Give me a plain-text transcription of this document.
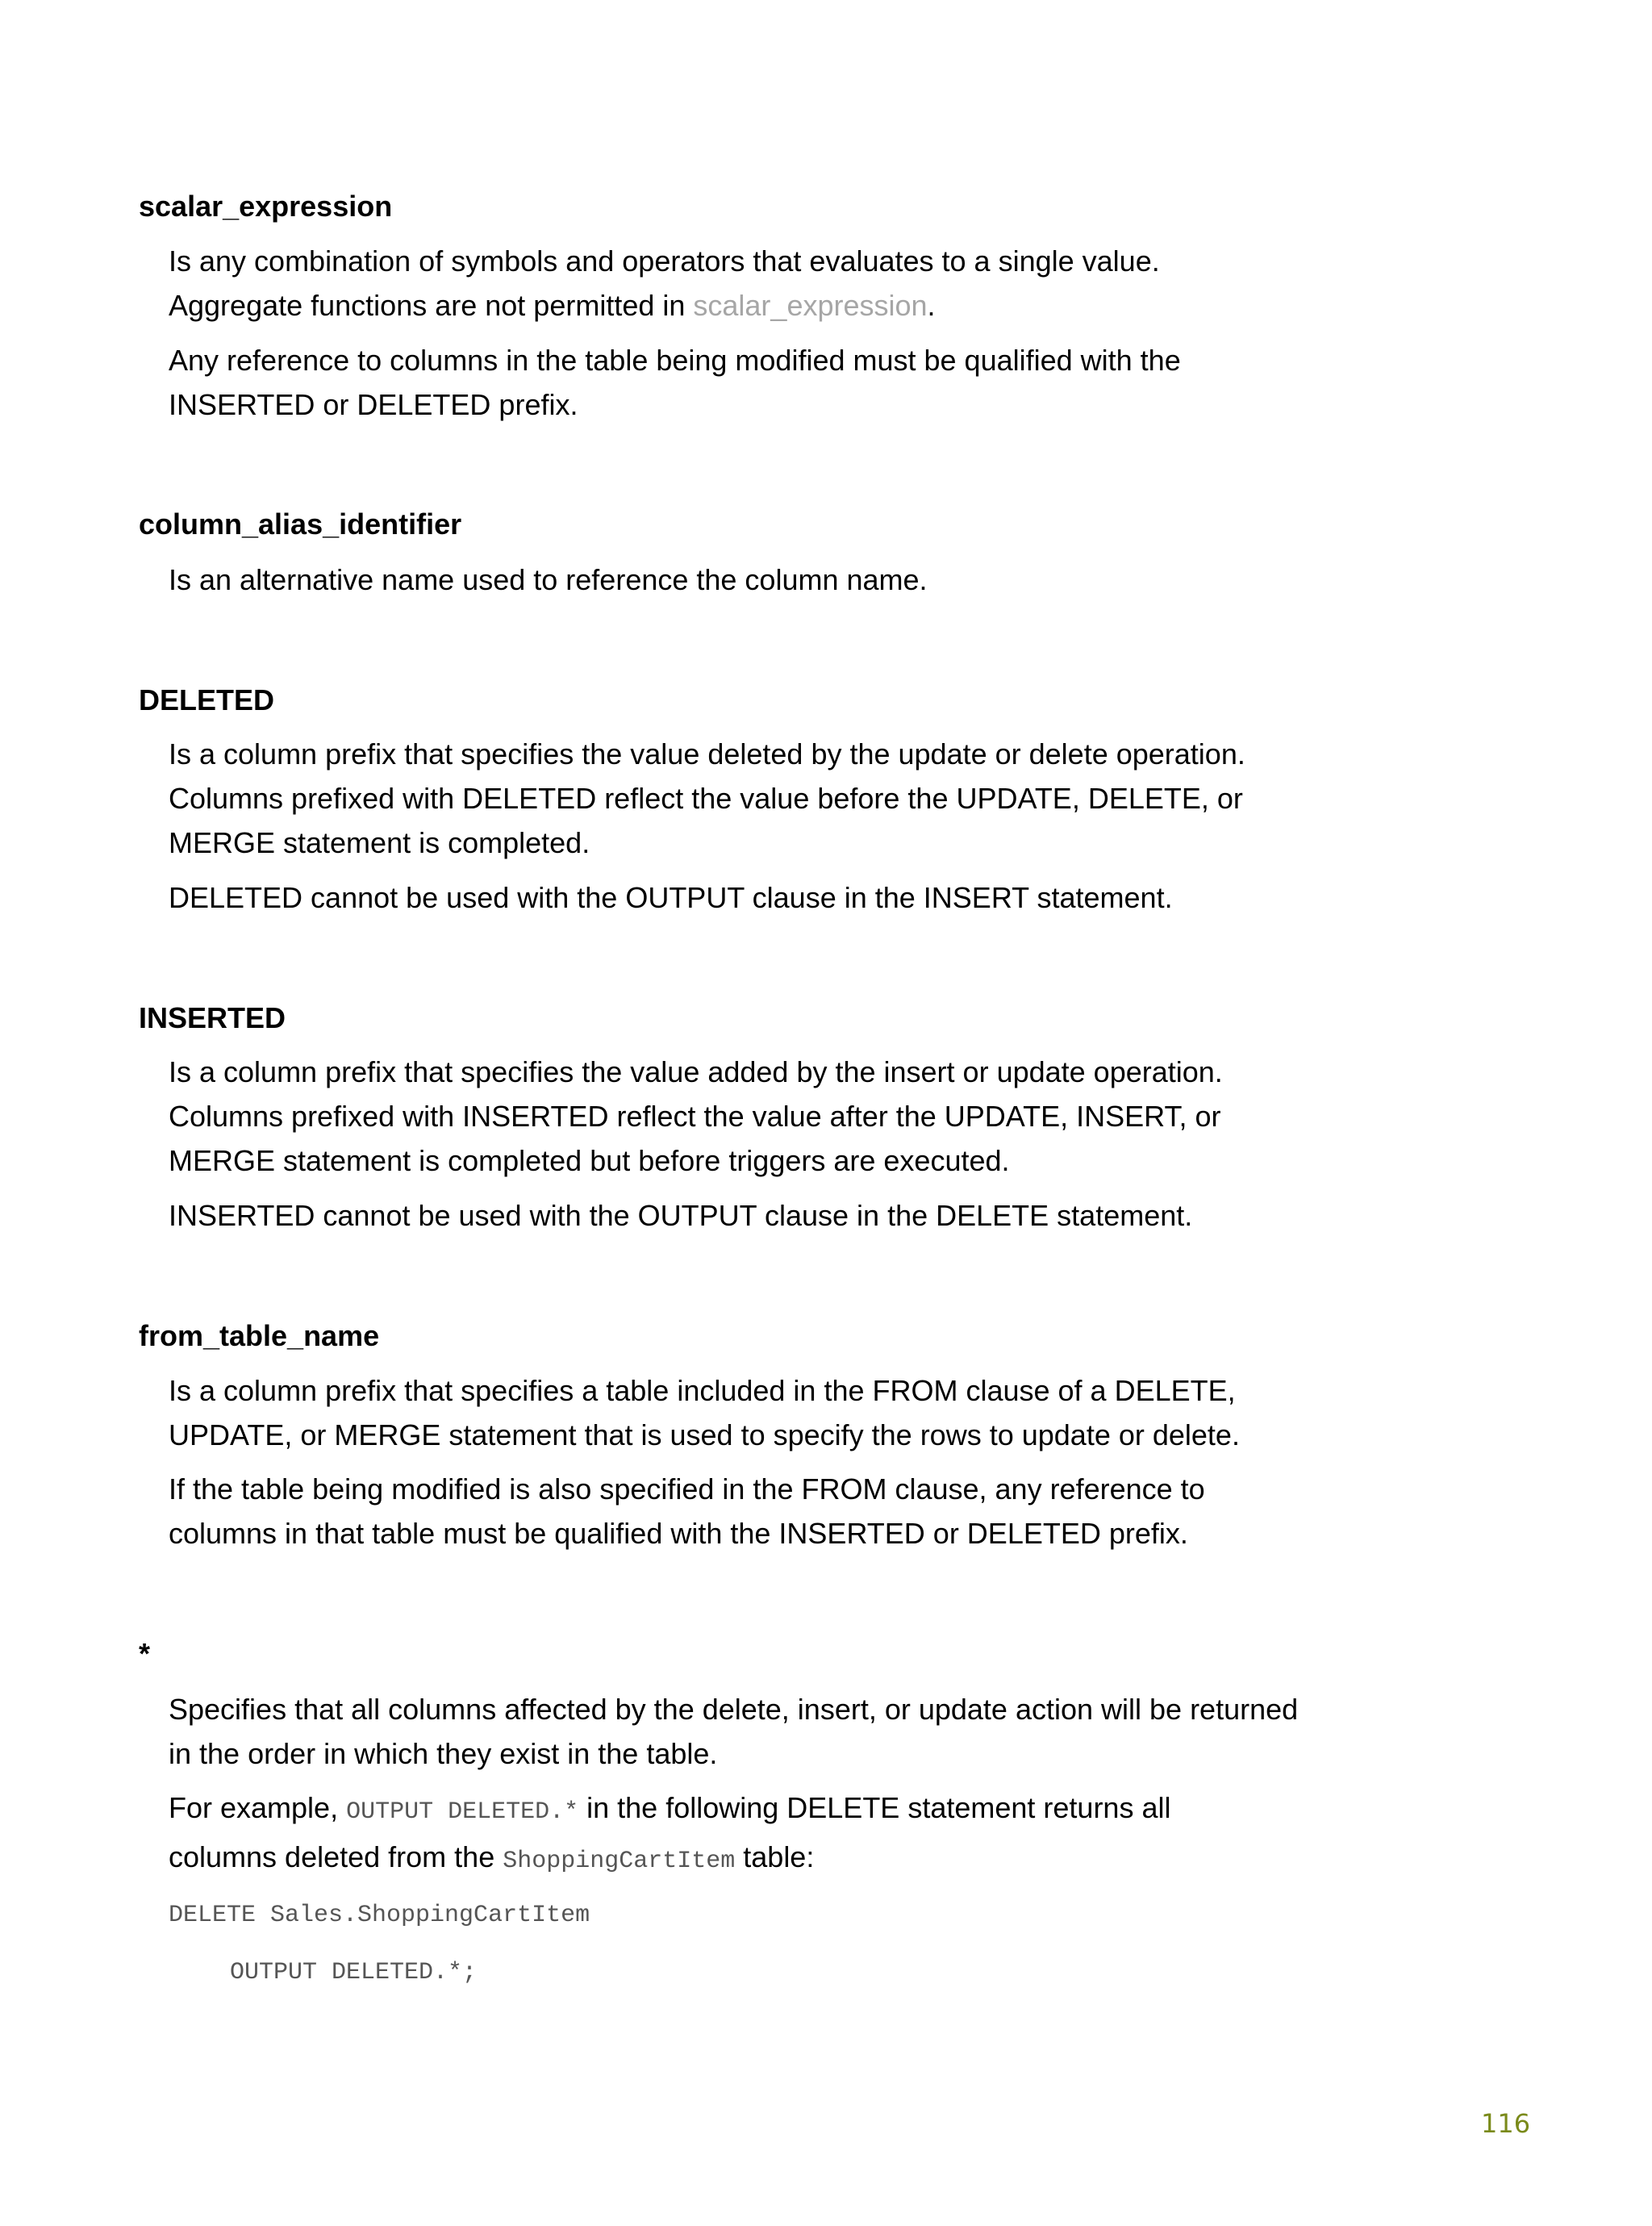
scalar_expression

Is any combination of symbols and operators that evaluates to a single value.
Aggregate functions are not permitted in scalar_expression.

Any reference to columns in the table being modified must be qualified with the
INSERTED or DELETED prefix.

column_alias_identifier

Is an alternative name used to reference the column name.

DELETED

Is a column prefix that specifies the value deleted by the update or delete operation.
Columns prefixed with DELETED reflect the value before the UPDATE, DELETE, or
MERGE statement is completed.

DELETED cannot be used with the OUTPUT clause in the INSERT statement.

INSERTED

Is a column prefix that specifies the value added by the insert or update operation.
Columns prefixed with INSERTED reflect the value after the UPDATE, INSERT, or
MERGE statement is completed but before triggers are executed.

INSERTED cannot be used with the OUTPUT clause in the DELETE statement.

from_table_name

Is a column prefix that specifies a table included in the FROM clause of a DELETE,
UPDATE, or MERGE statement that is used to specify the rows to update or delete.

If the table being modified is also specified in the FROM clause, any reference to
columns in that table must be qualified with the INSERTED or DELETED prefix.

*

Specifies that all columns affected by the delete, insert, or update action will be returned
in the order in which they exist in the table.

For example, OUTPUT DELETED.* in the following DELETE statement returns all
columns deleted from the ShoppingCartItem table:

DELETE Sales.ShoppingCartItem

OUTPUT DELETED.*;

116
